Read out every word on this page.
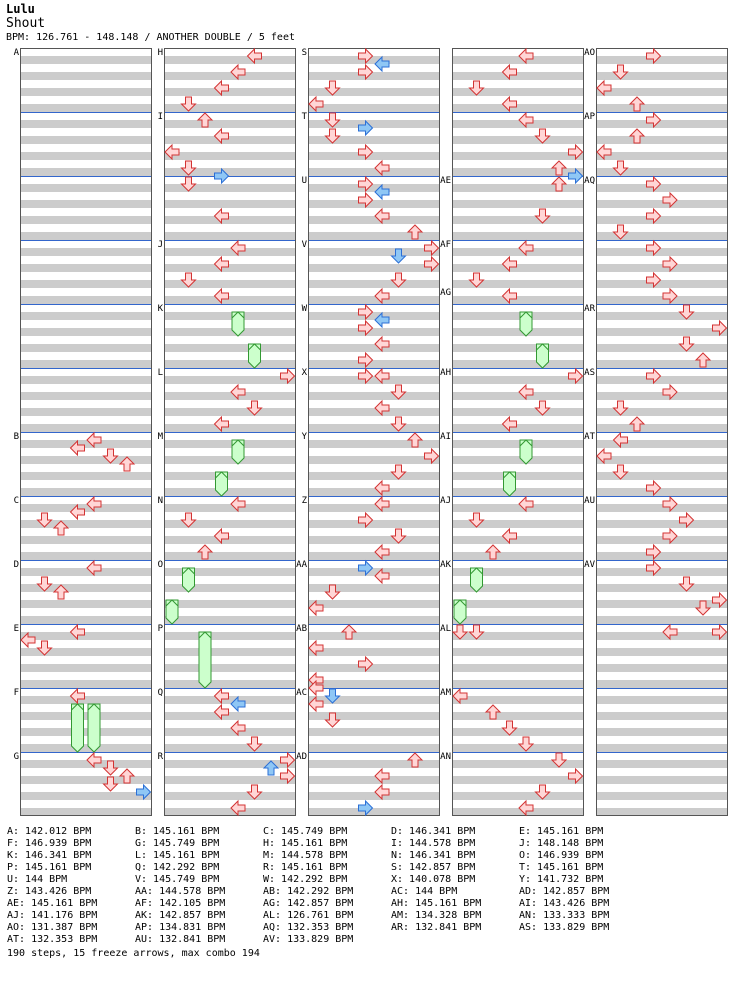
Lulu
Shout
BPM: 126.761 - 148.148 / ANOTHER DOUBLE / 5 feet
A
B
C
D
E
F
G
H
I
J
K
L
M
N
O
P
Q
R
S
T
U
V
W
X
Y
Z
AA
AB
AC
AD
AE
AF
AG
AH
AI
AJ
AK
AL
AM
AN
AO
AP
AQ
AR
AS
AT
AU
AV
A: 142.012 BPM	B: 145.161 BPM	C: 145.749 BPM	D: 146.341 BPM	E: 145.161 BPM
F: 146.939 BPM	G: 145.749 BPM	H: 145.161 BPM	I: 144.578 BPM	J: 148.148 BPM
K: 146.341 BPM	L: 145.161 BPM	M: 144.578 BPM	N: 146.341 BPM	O: 146.939 BPM
P: 145.161 BPM	Q: 142.292 BPM	R: 145.161 BPM	S: 142.857 BPM	T: 145.161 BPM
U: 144 BPM	V: 145.749 BPM	W: 142.292 BPM	X: 140.078 BPM	Y: 141.732 BPM
Z: 143.426 BPM	AA: 144.578 BPM	AB: 142.292 BPM	AC: 144 BPM	AD: 142.857 BPM
AE: 145.161 BPM	AF: 142.105 BPM	AG: 142.857 BPM	AH: 145.161 BPM	AI: 143.426 BPM
AJ: 141.176 BPM	AK: 142.857 BPM	AL: 126.761 BPM	AM: 134.328 BPM	AN: 133.333 BPM
AO: 131.387 BPM	AP: 134.831 BPM	AQ: 132.353 BPM	AR: 132.841 BPM	AS: 133.829 BPM
AT: 132.353 BPM	AU: 132.841 BPM	AV: 133.829 BPM
190 steps, 15 freeze arrows, max combo 194
